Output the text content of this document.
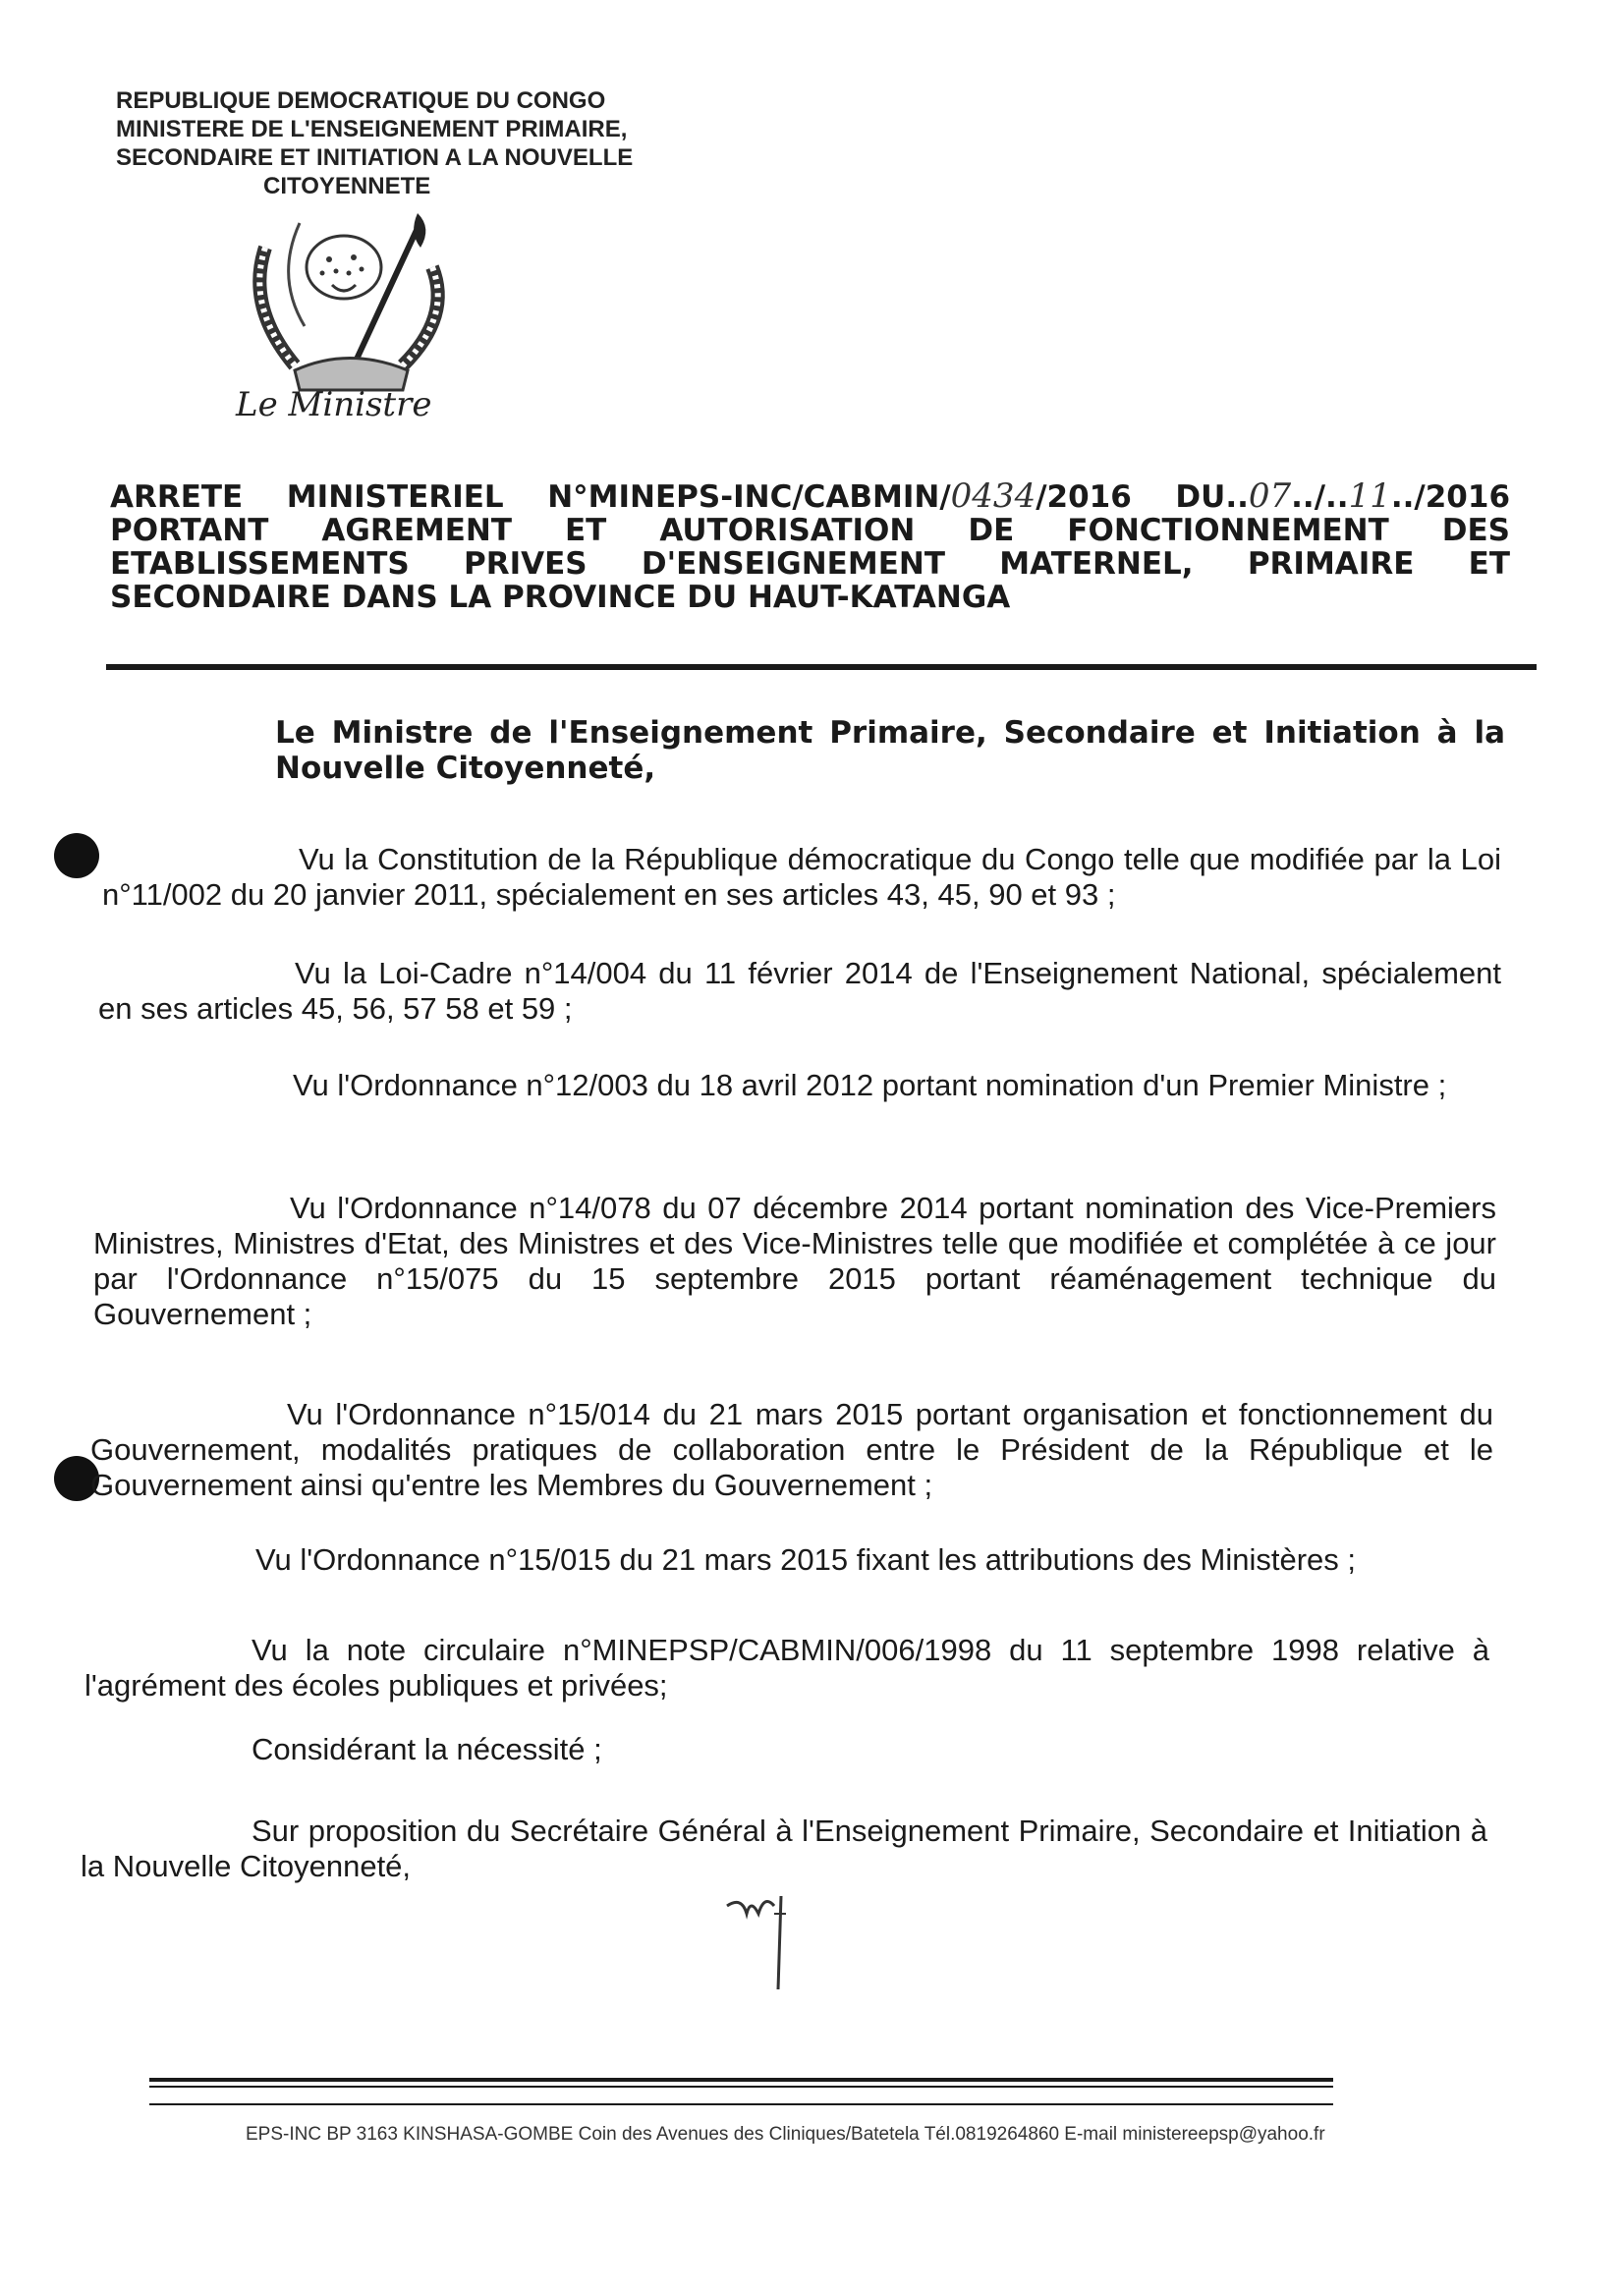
REPUBLIQUE DEMOCRATIQUE DU CONGO
MINISTERE DE L'ENSEIGNEMENT PRIMAIRE,
SECONDAIRE ET INITIATION A LA NOUVELLE
CITOYENNETE
Le Ministre
ARRETE MINISTERIEL N°MINEPS-INC/CABMIN/0434/2016 DU..07../..11../2016
PORTANT AGREMENT ET AUTORISATION DE FONCTIONNEMENT DES
ETABLISSEMENTS PRIVES D'ENSEIGNEMENT MATERNEL, PRIMAIRE ET
SECONDAIRE DANS LA PROVINCE DU HAUT-KATANGA
Le Ministre de l'Enseignement Primaire, Secondaire et Initiation à la Nouvelle Citoyenneté,
Vu la Constitution de la République démocratique du Congo telle que modifiée par la Loi n°11/002 du 20 janvier 2011, spécialement en ses articles 43, 45, 90 et 93 ;
Vu la Loi-Cadre n°14/004 du 11 février 2014 de l'Enseignement National, spécialement en ses articles 45, 56, 57 58 et 59 ;
Vu l'Ordonnance n°12/003 du 18 avril 2012 portant nomination d'un Premier Ministre ;
Vu l'Ordonnance n°14/078 du 07 décembre 2014 portant nomination des Vice-Premiers Ministres, Ministres d'Etat, des Ministres et des Vice-Ministres telle que modifiée et complétée à ce jour par l'Ordonnance n°15/075 du 15 septembre 2015 portant réaménagement technique du Gouvernement ;
Vu l'Ordonnance n°15/014 du 21 mars 2015 portant organisation et fonctionnement du Gouvernement, modalités pratiques de collaboration entre le Président de la République et le Gouvernement ainsi qu'entre les Membres du Gouvernement ;
Vu l'Ordonnance n°15/015 du 21 mars 2015 fixant les attributions des Ministères ;
Vu la note circulaire n°MINEPSP/CABMIN/006/1998 du 11 septembre 1998 relative à l'agrément des écoles publiques et privées;
Considérant la nécessité ;
Sur proposition du Secrétaire Général à l'Enseignement Primaire, Secondaire et Initiation à la Nouvelle Citoyenneté,
EPS-INC BP 3163 KINSHASA-GOMBE Coin des Avenues des Cliniques/Batetela Tél.0819264860 E-mail ministereepsp@yahoo.fr
